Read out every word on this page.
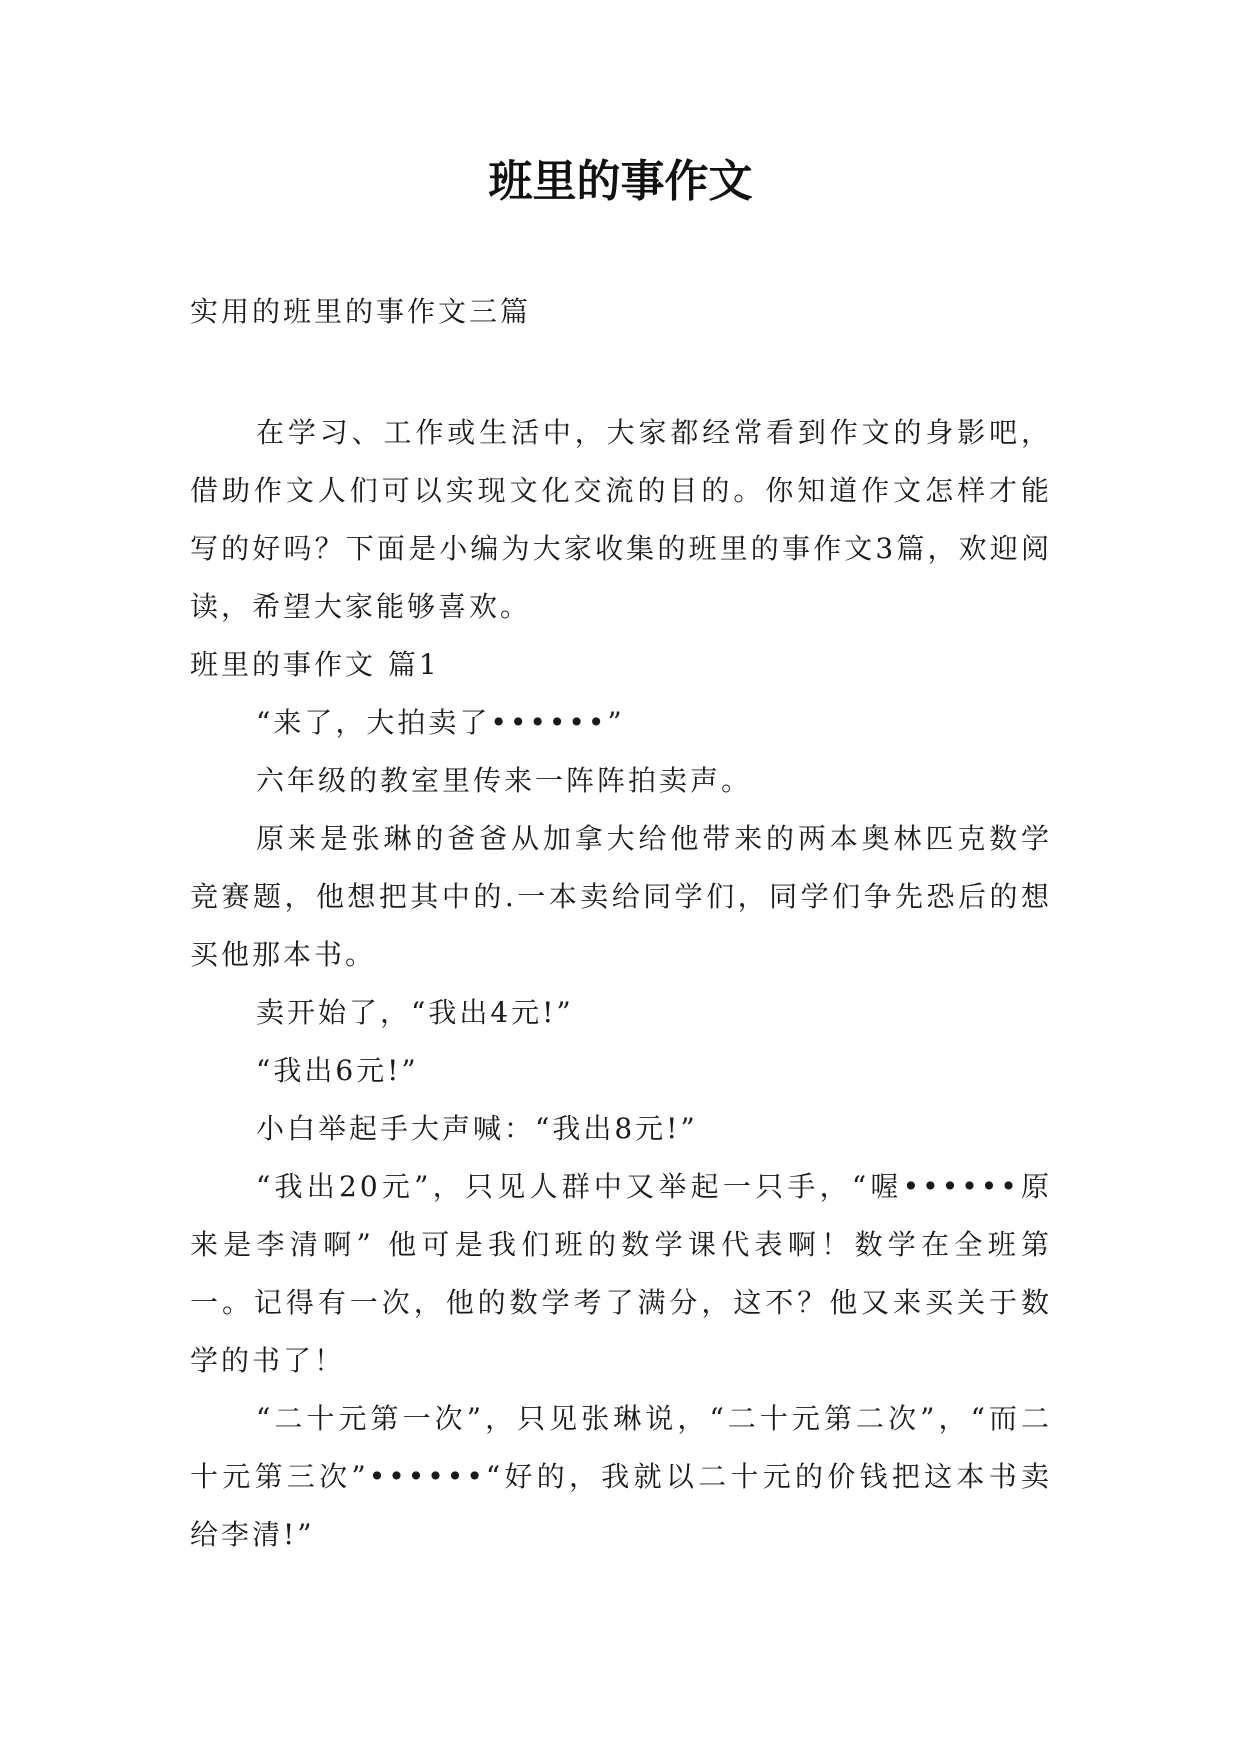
班里的事作文

实用的班里的事作文三篇

在学习、工作或生活中，大家都经常看到作文的身影吧，借助作文人们可以实现文化交流的目的。你知道作文怎样才能写的好吗？下面是小编为大家收集的班里的事作文3篇，欢迎阅读，希望大家能够喜欢。

班里的事作文 篇1

“来了，大拍卖了••••••”

六年级的教室里传来一阵阵拍卖声。

原来是张琳的爸爸从加拿大给他带来的两本奥林匹克数学竞赛题，他想把其中的.一本卖给同学们，同学们争先恐后的想买他那本书。

卖开始了，“我出4元!”

“我出6元!”

小白举起手大声喊：“我出8元!”

“我出20元”，只见人群中又举起一只手，“喔••••••原来是李清啊” 他可是我们班的数学课代表啊！数学在全班第一。记得有一次，他的数学考了满分，这不？他又来买关于数学的书了！

“二十元第一次”，只见张琳说，“二十元第二次”，“而二十元第三次”••••••“好的，我就以二十元的价钱把这本书卖给李清!”
